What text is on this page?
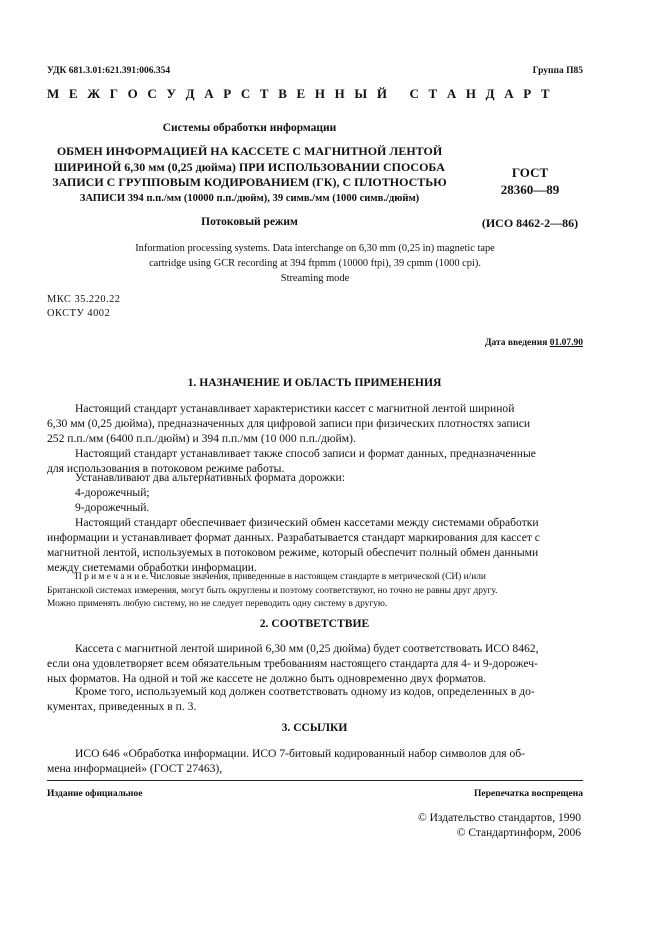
УДК 681.3.01:621.391:006.354	Группа П85
М Е Ж Г О С У Д А Р С Т В Е Н Н Ы Й   С Т А Н Д А Р Т
Системы обработки информации
ОБМЕН ИНФОРМАЦИЕЙ НА КАССЕТЕ С МАГНИТНОЙ ЛЕНТОЙ
ШИРИНОЙ 6,30 мм (0,25 дюйма) ПРИ ИСПОЛЬЗОВАНИИ СПОСОБА
ЗАПИСИ С ГРУППОВЫМ КОДИРОВАНИЕМ (ГК), С ПЛОТНОСТЬЮ
ЗАПИСИ 394 п.п./мм (10000 п.п./дюйм), 39 симв./мм (1000 симв./дюйм)
ГОСТ
28360—89
Потоковый режим	(ИСО 8462-2—86)
Information processing systems. Data interchange on 6,30 mm (0,25 in) magnetic tape
cartridge using GCR recording at 394 ftpmm (10000 ftpi), 39 cpmm (1000 cpi).
Streaming mode
МКС 35.220.22
ОКСТУ 4002
Дата введения 01.07.90
1. НАЗНАЧЕНИЕ И ОБЛАСТЬ ПРИМЕНЕНИЯ
Настоящий стандарт устанавливает характеристики кассет с магнитной лентой шириной
6,30 мм (0,25 дюйма), предназначенных для цифровой записи при физических плотностях записи
252 п.п./мм (6400 п.п./дюйм) и 394 п.п./мм (10 000 п.п./дюйм).
Настоящий стандарт устанавливает также способ записи и формат данных, предназначенные
для использования в потоковом режиме работы.
Устанавливают два альтернативных формата дорожки:
4-дорожечный;
9-дорожечный.
Настоящий стандарт обеспечивает физический обмен кассетами между системами обработки
информации и устанавливает формат данных. Разрабатывается стандарт маркирования для кассет с
магнитной лентой, используемых в потоковом режиме, который обеспечит полный обмен данными
между сиетемами обработки информации.
П р и м е ч а н и е. Числовые значения, приведенные в настоящем стандарте в метрической (СИ) и/или
Британской системах измерения, могут быть округлены и поэтому соответствуют, но точно не равны друг другу.
Можно применять любую систему, но не следует переводить одну систему в другую.
2. СООТВЕТСТВИЕ
Кассета с магнитной лентой шириной 6,30 мм (0,25 дюйма) будет соответствовать ИСО 8462,
если она удовлетворяет всем обязательным требованиям настоящего стандарта для 4- и 9-дорожеч-
ных форматов. На одной и той же кассете не должно быть одновременно двух форматов.
Кроме того, используемый код должен соответствовать одному из кодов, определенных в до-
кументах, приведенных в п. 3.
3. ССЫЛКИ
ИСО 646 «Обработка информации. ИСО 7-битовый кодированный набор символов для об-
мена информацией» (ГОСТ 27463),
Издание официальное	Перепечатка воспрещена
© Издательство стандартов, 1990
© Стандартинформ, 2006
